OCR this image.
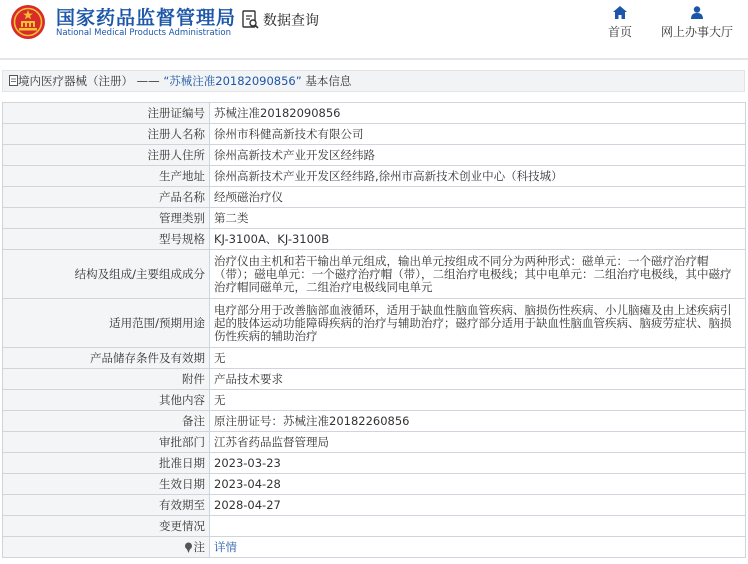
国家药品监督管理局
National Medical Products Administration
数据查询
首页	网上办事大厅
境内医疗器械（注册） —— “苏械注准20182090856” 基本信息
注册证编号	苏械注准20182090856
注册人名称	徐州市科健高新技术有限公司
注册人住所	徐州高新技术产业开发区经纬路
生产地址	徐州高新技术产业开发区经纬路,徐州市高新技术创业中心（科技城）
产品名称	经颅磁治疗仪
管理类别	第二类
型号规格	KJ-3100A、KJ-3100B
结构及组成/主要组成成分	治疗仪由主机和若干输出单元组成，输出单元按组成不同分为两种形式：磁单元：一个磁疗治疗帽（带）；磁电单元：一个磁疗治疗帽（带），二组治疗电极线；其中电单元：二组治疗电极线，其中磁疗治疗帽同磁单元，二组治疗电极线同电单元
适用范围/预期用途	电疗部分用于改善脑部血液循环，适用于缺血性脑血管疾病、脑损伤性疾病、小儿脑瘫及由上述疾病引起的肢体运动功能障碍疾病的治疗与辅助治疗；磁疗部分适用于缺血性脑血管疾病、脑疲劳症状、脑损伤性疾病的辅助治疗
产品储存条件及有效期	无
附件	产品技术要求
其他内容	无
备注	原注册证号：苏械注准20182260856
审批部门	江苏省药品监督管理局
批准日期	2023-03-23
生效日期	2023-04-28
有效期至	2028-04-27
变更情况	
注	详情
